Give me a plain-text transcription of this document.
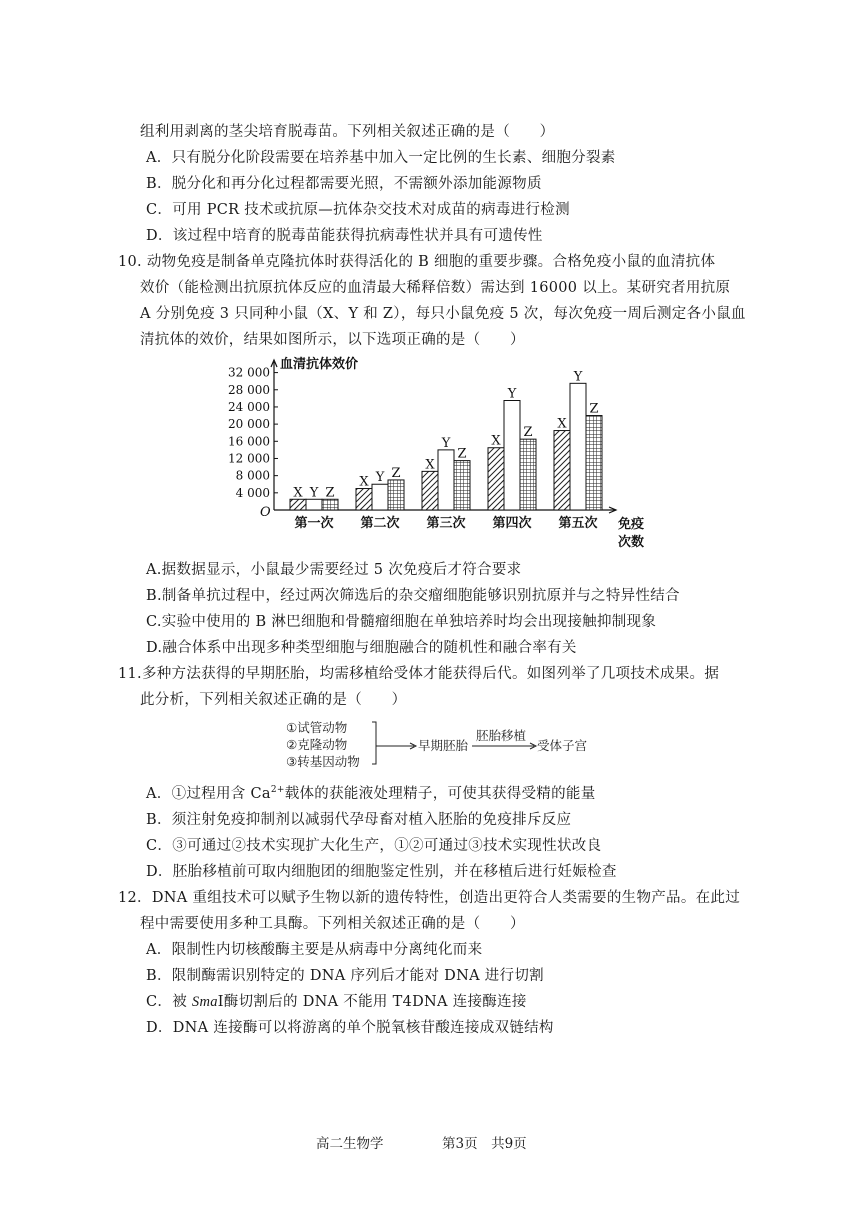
组利用剥离的茎尖培育脱毒苗。下列相关叙述正确的是（　　）
A．只有脱分化阶段需要在培养基中加入一定比例的生长素、细胞分裂素
B．脱分化和再分化过程都需要光照，不需额外添加能源物质
C．可用 PCR 技术或抗原—抗体杂交技术对成苗的病毒进行检测
D．该过程中培育的脱毒苗能获得抗病毒性状并具有可遗传性
10. 动物免疫是制备单克隆抗体时获得活化的 B 细胞的重要步骤。合格免疫小鼠的血清抗体
效价（能检测出抗原抗体反应的血清最大稀释倍数）需达到 16000 以上。某研究者用抗原
A 分别免疫 3 只同种小鼠（X、Y 和 Z），每只小鼠免疫 5 次，每次免疫一周后测定各小鼠血
清抗体的效价，结果如图所示，以下选项正确的是（　　）
血清抗体效价
O
免疫
次数
4 000
8 000
12 000
16 000
20 000
24 000
28 000
32 000
X Y Z
第一次
X Y Z
第二次
X
Y
Z
第三次
X
Y
Z
第四次
X
Y
Z
第五次
A.据数据显示，小鼠最少需要经过 5 次免疫后才符合要求
B.制备单抗过程中，经过两次筛选后的杂交瘤细胞能够识别抗原并与之特异性结合
C.实验中使用的 B 淋巴细胞和骨髓瘤细胞在单独培养时均会出现接触抑制现象
D.融合体系中出现多种类型细胞与细胞融合的随机性和融合率有关
11.多种方法获得的早期胚胎，均需移植给受体才能获得后代。如图列举了几项技术成果。据
此分析，下列相关叙述正确的是（　　）
①试管动物
②克隆动物
③转基因动物
早期胚胎
胚胎移植
受体子宫
A．①过程用含 $Ca^{2+}$载体的获能液处理精子，可使其获得受精的能量
B．须注射免疫抑制剂以减弱代孕母畜对植入胚胎的免疫排斥反应
C．③可通过②技术实现扩大化生产，①②可通过③技术实现性状改良
D．胚胎移植前可取内细胞团的细胞鉴定性别，并在移植后进行妊娠检查
12．DNA 重组技术可以赋予生物以新的遗传特性，创造出更符合人类需要的生物产品。在此过
程中需要使用多种工具酶。下列相关叙述正确的是（　　）
A．限制性内切核酸酶主要是从病毒中分离纯化而来
B．限制酶需识别特定的 DNA 序列后才能对 DNA 进行切割
C．被 SmaⅠ酶切割后的 DNA 不能用 T4DNA 连接酶连接
D．DNA 连接酶可以将游离的单个脱氧核苷酸连接成双链结构
高二生物学	第3页　共9页
